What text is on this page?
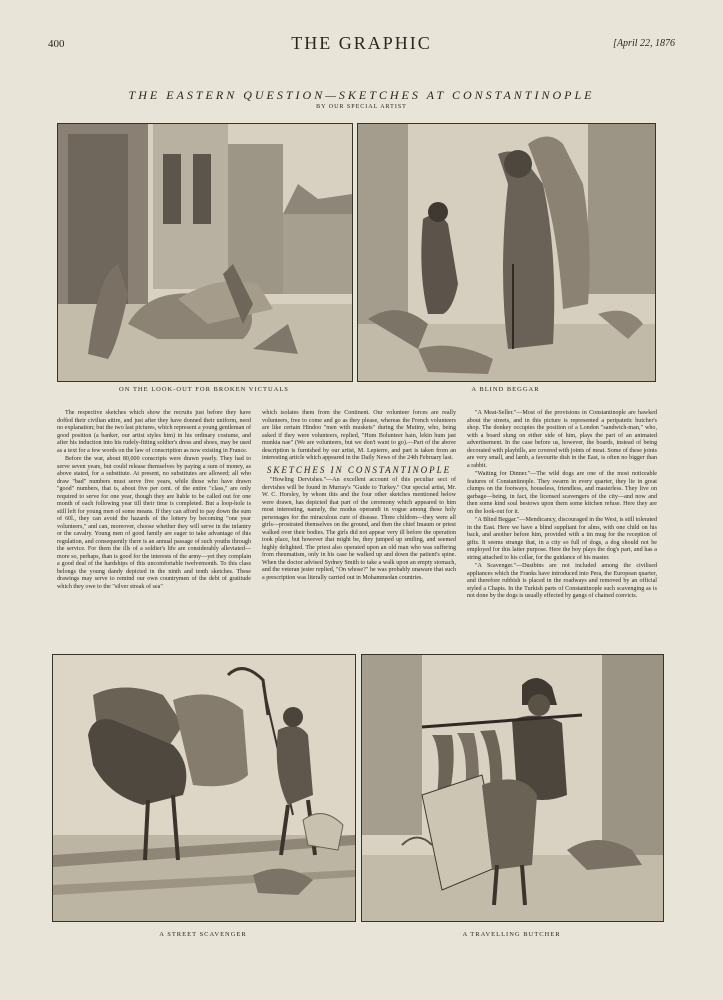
400	THE GRAPHIC	[April 22, 1876
THE EASTERN QUESTION—SKETCHES AT CONSTANTINOPLE
BY OUR SPECIAL ARTIST
ON THE LOOK-OUT FOR BROKEN VICTUALS	A BLIND BEGGAR

The respective sketches which show the recruits just before they have doffed their civilian attire, and just after they have donned their uniform, need no explanation; but the two last pictures, which represent a young gentleman of good position (a banker, our artist styles him) in his ordinary costume, and after his induction into his rudely-fitting soldier's dress and shoes, may be used as a text for a few words on the law of conscription as now existing in France.

Before the war, about 80,000 conscripts were drawn yearly. They had to serve seven years, but could release themselves by paying a sum of money, as above stated, for a substitute. At present, no substitutes are allowed; all who draw "bad" numbers must serve five years, while those who have drawn "good" numbers, that is, about five per cent. of the entire "class," are only required to serve for one year, though they are liable to be called out for one month of each following year till their time is completed. But a loop-hole is still left for young men of some means. If they can afford to pay down the sum of 60l., they can avoid the hazards of the lottery by becoming "one year volunteers," and can, moreover, choose whether they will serve in the infantry or the cavalry. Young men of good family are eager to take advantage of this regulation, and consequently there is an annual passage of such youths through the service. For them the ills of a soldier's life are considerably alleviated—more so, perhaps, than is good for the interests of the army—yet they complain a good deal of the hardships of this uncomfortable twelvemonth. To this class belongs the young dandy depicted in the ninth and tenth sketches. These drawings may serve to remind our own countrymen of the debt of gratitude which they owe to the "silver streak of sea"

which isolates them from the Continent. Our volunteer forces are really volunteers, free to come and go as they please, whereas the French volunteers are like certain Hindoo "men with muskets" during the Mutiny, who, being asked if they were volunteers, replied, "Hum Bolunteer hain, lekin hum jast munkta nae" (We are volunteers, but we don't want to go).—Part of the above description is furnished by our artist, M. Lepierre, and part is taken from an interesting article which appeared in the Daily News of the 24th February last.

SKETCHES IN CONSTANTINOPLE

"Howling Dervishes."—An excellent account of this peculiar sect of dervishes will be found in Murray's "Guide to Turkey." Our special artist, Mr. W. C. Horsley, by whom this and the four other sketches mentioned below were drawn, has depicted that part of the ceremony which appeared to him most interesting, namely, the modus operandi in vogue among these holy personages for the miraculous cure of disease. Three children—they were all girls—prostrated themselves on the ground, and then the chief Imaum or priest walked over their bodies. The girls did not appear very ill before the operation took place, but however that might be, they jumped up smiling, and seemed highly delighted. The priest also operated upon an old man who was suffering from rheumatism, only in his case he walked up and down the patient's spine. When the doctor advised Sydney Smith to take a walk upon an empty stomach, and the veteran jester replied, "On whose?" he was probably unaware that such a prescription was literally carried out in Mohammedan countries.

"A Meat-Seller."—Most of the provisions in Constantinople are hawked about the streets, and in this picture is represented a peripatetic butcher's shop. The donkey occupies the position of a London "sandwich-man," who, with a board slung on either side of him, plays the part of an animated advertisement. In the case before us, however, the boards, instead of being decorated with playbills, are covered with joints of meat. Some of these joints are very small, and lamb, a favourite dish in the East, is often no bigger than a rabbit.

"Waiting for Dinner."—The wild dogs are one of the most noticeable features of Constantinople. They swarm in every quarter, they lie in great clumps on the footways, houseless, friendless, and masterless. They live on garbage—being, in fact, the licensed scavengers of the city—and now and then some kind soul bestows upon them some kitchen refuse. Here they are on the look-out for it.

"A Blind Beggar."—Mendicancy, discouraged in the West, is still tolerated in the East. Here we have a blind suppliant for alms, with one child on his back, and another before him, provided with a tin mug for the reception of gifts. It seems strange that, in a city so full of dogs, a dog should not be employed for this latter purpose. Here the boy plays the dog's part, and has a string attached to his collar, for the guidance of his master.

"A Scavenger."—Dustbins are not included among the civilised appliances which the Franks have introduced into Pera, the European quarter, and therefore rubbish is placed in the roadways and removed by an official styled a Chapis. In the Turkish parts of Constantinople such scavenging as is not done by the dogs is usually effected by gangs of chained convicts.

A STREET SCAVENGER	A TRAVELLING BUTCHER
